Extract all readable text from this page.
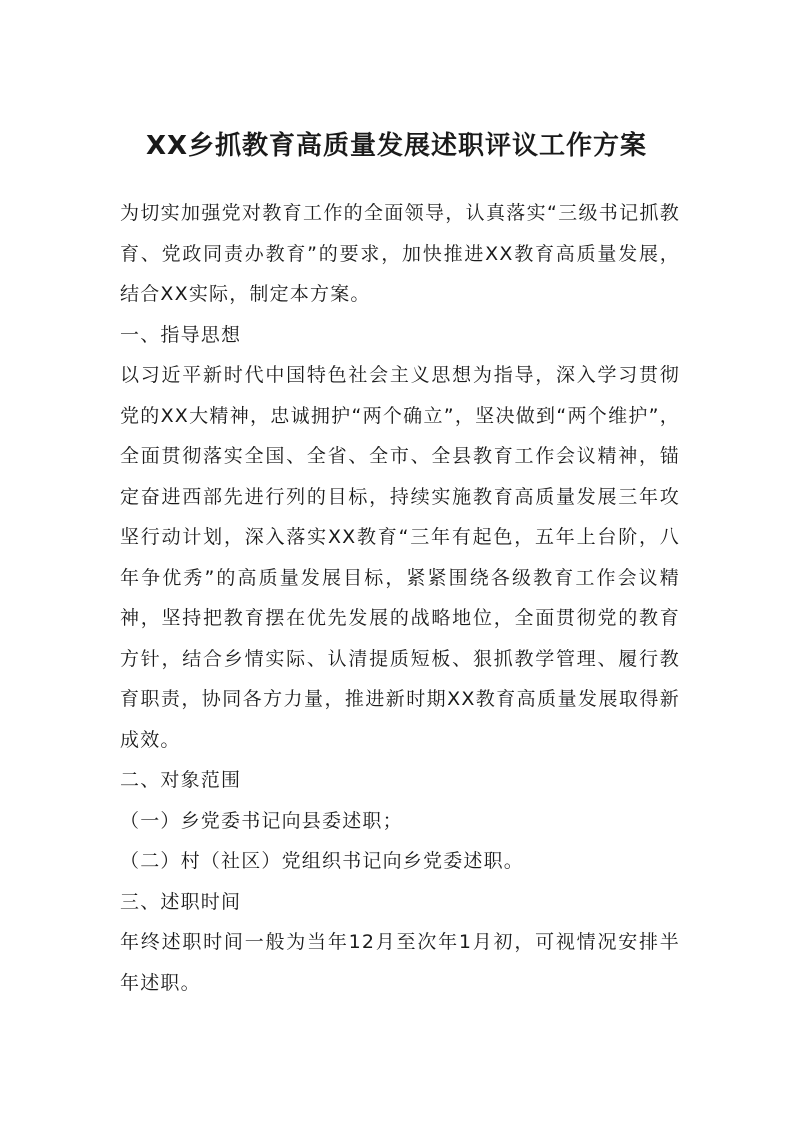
XX乡抓教育高质量发展述职评议工作方案

为切实加强党对教育工作的全面领导，认真落实“三级书记抓教育、党政同责办教育”的要求，加快推进XX教育高质量发展，结合XX实际，制定本方案。

一、指导思想

以习近平新时代中国特色社会主义思想为指导，深入学习贯彻党的XX大精神，忠诚拥护“两个确立”，坚决做到“两个维护”，全面贯彻落实全国、全省、全市、全县教育工作会议精神，锚定奋进西部先进行列的目标，持续实施教育高质量发展三年攻坚行动计划，深入落实XX教育“三年有起色，五年上台阶，八年争优秀”的高质量发展目标，紧紧围绕各级教育工作会议精神，坚持把教育摆在优先发展的战略地位，全面贯彻党的教育方针，结合乡情实际、认清提质短板、狠抓教学管理、履行教育职责，协同各方力量，推进新时期XX教育高质量发展取得新成效。

二、对象范围

（一）乡党委书记向县委述职；

（二）村（社区）党组织书记向乡党委述职。

三、述职时间

年终述职时间一般为当年12月至次年1月初，可视情况安排半年述职。
